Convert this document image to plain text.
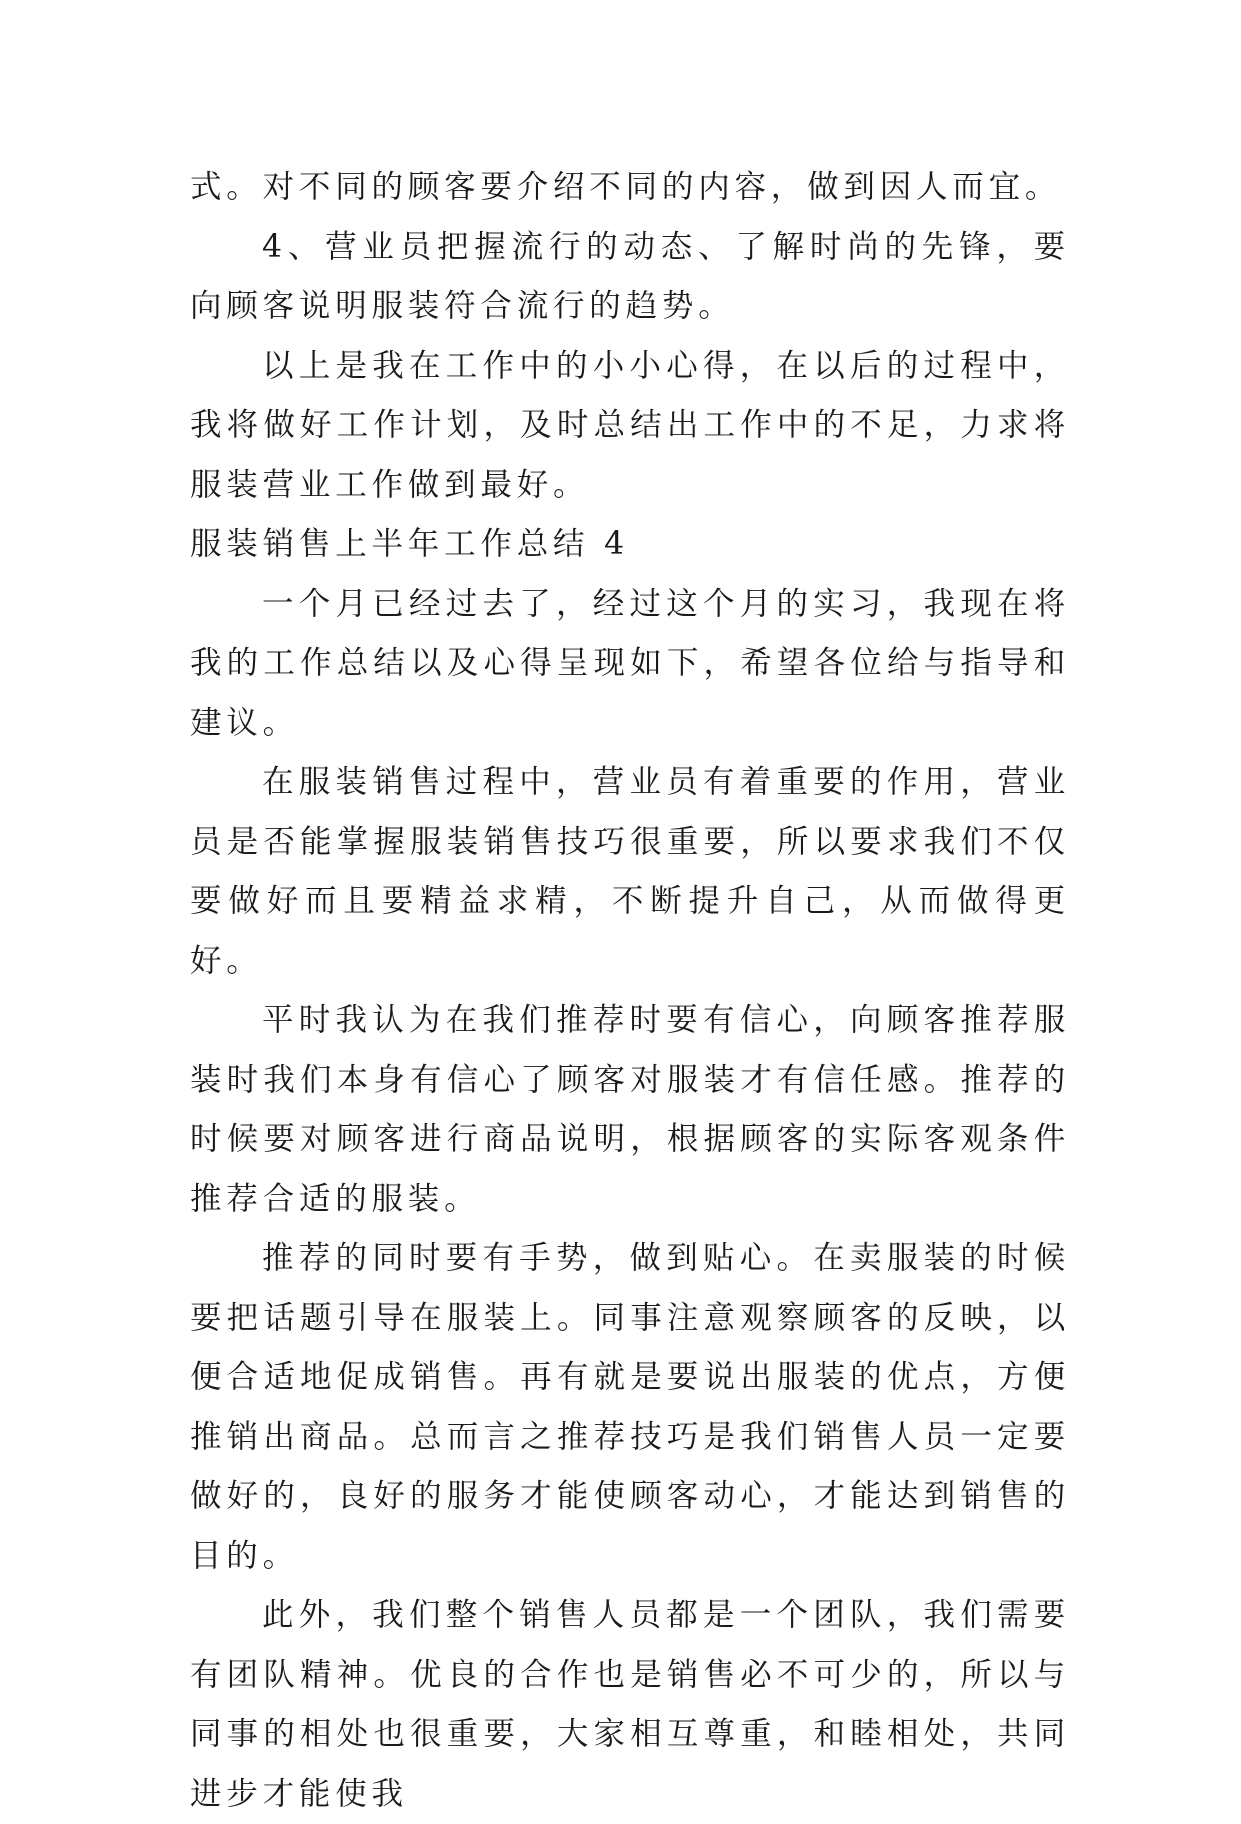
式。对不同的顾客要介绍不同的内容，做到因人而宜。

4、营业员把握流行的动态、了解时尚的先锋，要向顾客说明服装符合流行的趋势。

以上是我在工作中的小小心得，在以后的过程中，我将做好工作计划，及时总结出工作中的不足，力求将服装营业工作做到最好。

服装销售上半年工作总结 4

一个月已经过去了，经过这个月的实习，我现在将我的工作总结以及心得呈现如下，希望各位给与指导和建议。

在服装销售过程中，营业员有着重要的作用，营业员是否能掌握服装销售技巧很重要，所以要求我们不仅要做好而且要精益求精，不断提升自己，从而做得更好。

平时我认为在我们推荐时要有信心，向顾客推荐服装时我们本身有信心了顾客对服装才有信任感。推荐的时候要对顾客进行商品说明，根据顾客的实际客观条件推荐合适的服装。

推荐的同时要有手势，做到贴心。在卖服装的时候要把话题引导在服装上。同事注意观察顾客的反映，以便合适地促成销售。再有就是要说出服装的优点，方便推销出商品。总而言之推荐技巧是我们销售人员一定要做好的，良好的服务才能使顾客动心，才能达到销售的目的。

此外，我们整个销售人员都是一个团队，我们需要有团队精神。优良的合作也是销售必不可少的，所以与同事的相处也很重要，大家相互尊重，和睦相处，共同进步才能使我
